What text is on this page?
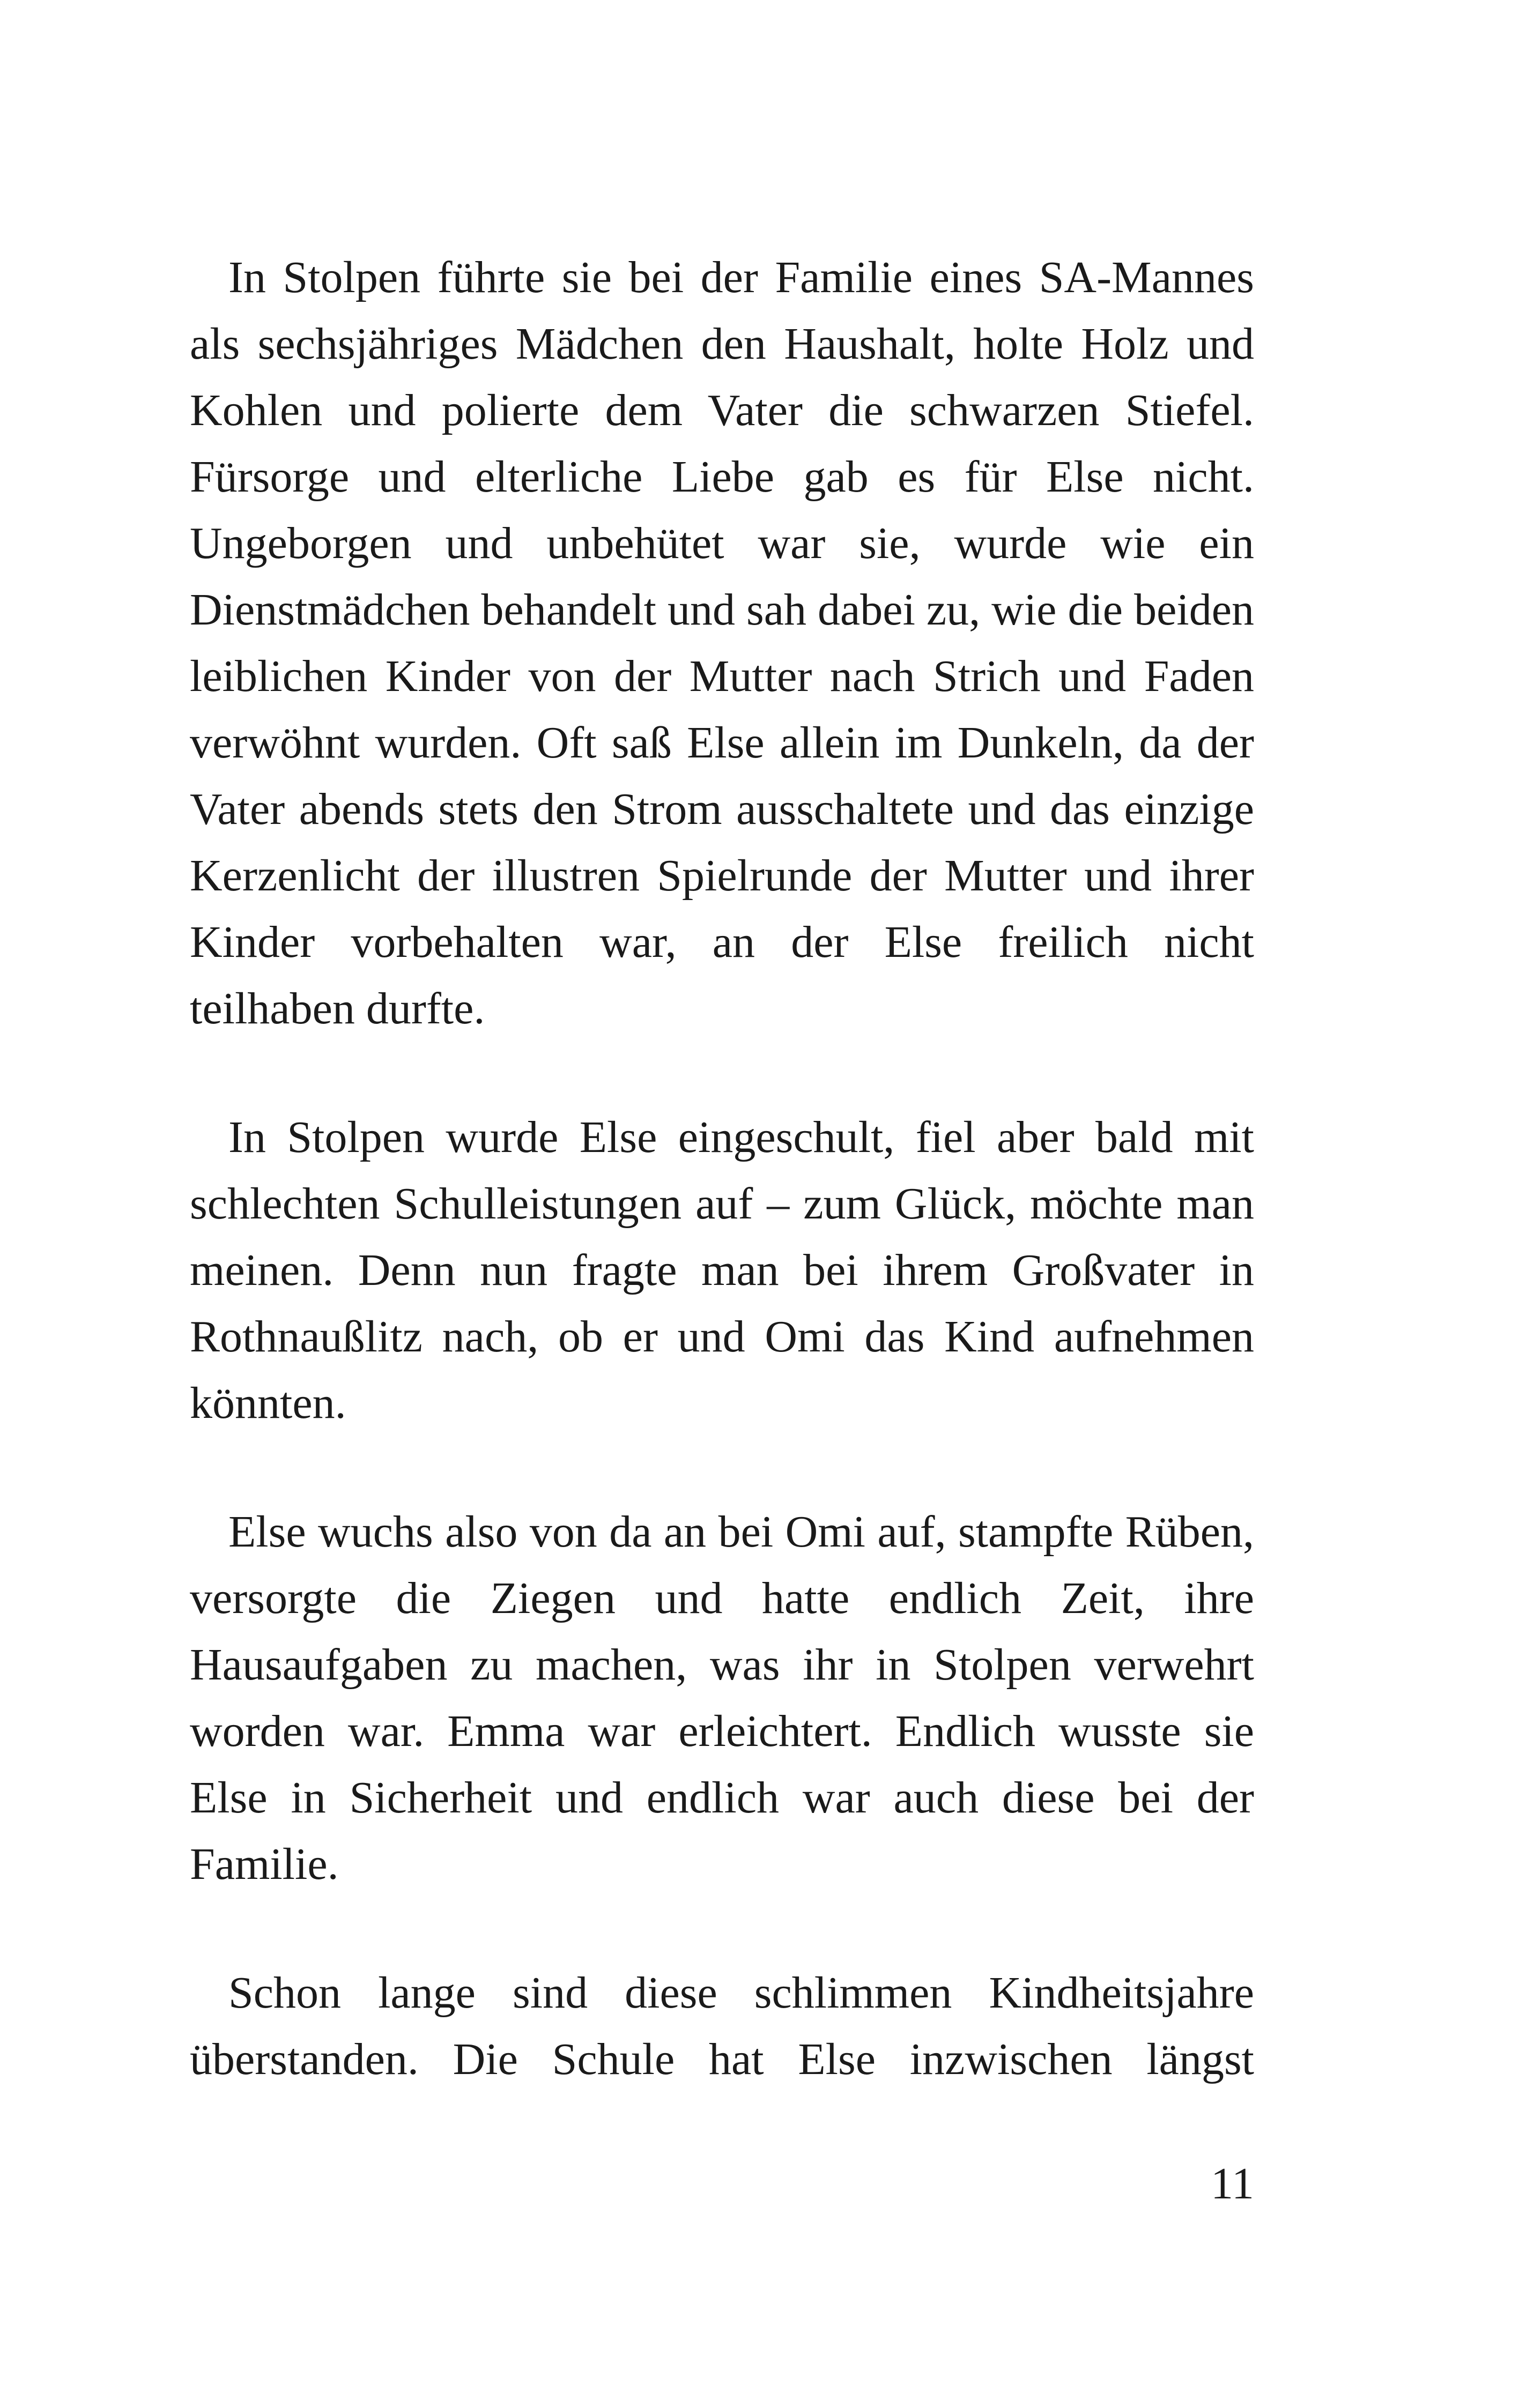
In Stolpen führte sie bei der Familie eines SA-Mannes als sechsjähriges Mädchen den Haushalt, holte Holz und Kohlen und polierte dem Vater die schwarzen Stiefel. Fürsorge und elterliche Liebe gab es für Else nicht. Ungeborgen und unbehütet war sie, wurde wie ein Dienstmädchen behandelt und sah dabei zu, wie die beiden leiblichen Kinder von der Mutter nach Strich und Faden verwöhnt wurden. Oft saß Else allein im Dunkeln, da der Vater abends stets den Strom ausschaltete und das einzige Kerzenlicht der illustren Spielrunde der Mutter und ihrer Kinder vorbehalten war, an der Else freilich nicht teilhaben durfte.

In Stolpen wurde Else eingeschult, fiel aber bald mit schlechten Schulleistungen auf – zum Glück, möchte man meinen. Denn nun fragte man bei ihrem Großvater in Rothnaußlitz nach, ob er und Omi das Kind aufnehmen könnten.

Else wuchs also von da an bei Omi auf, stampfte Rüben, versorgte die Ziegen und hatte endlich Zeit, ihre Hausaufgaben zu machen, was ihr in Stolpen verwehrt worden war. Emma war erleichtert. Endlich wusste sie Else in Sicherheit und endlich war auch diese bei der Familie.

Schon lange sind diese schlimmen Kindheitsjahre überstanden. Die Schule hat Else inzwischen längst

11
